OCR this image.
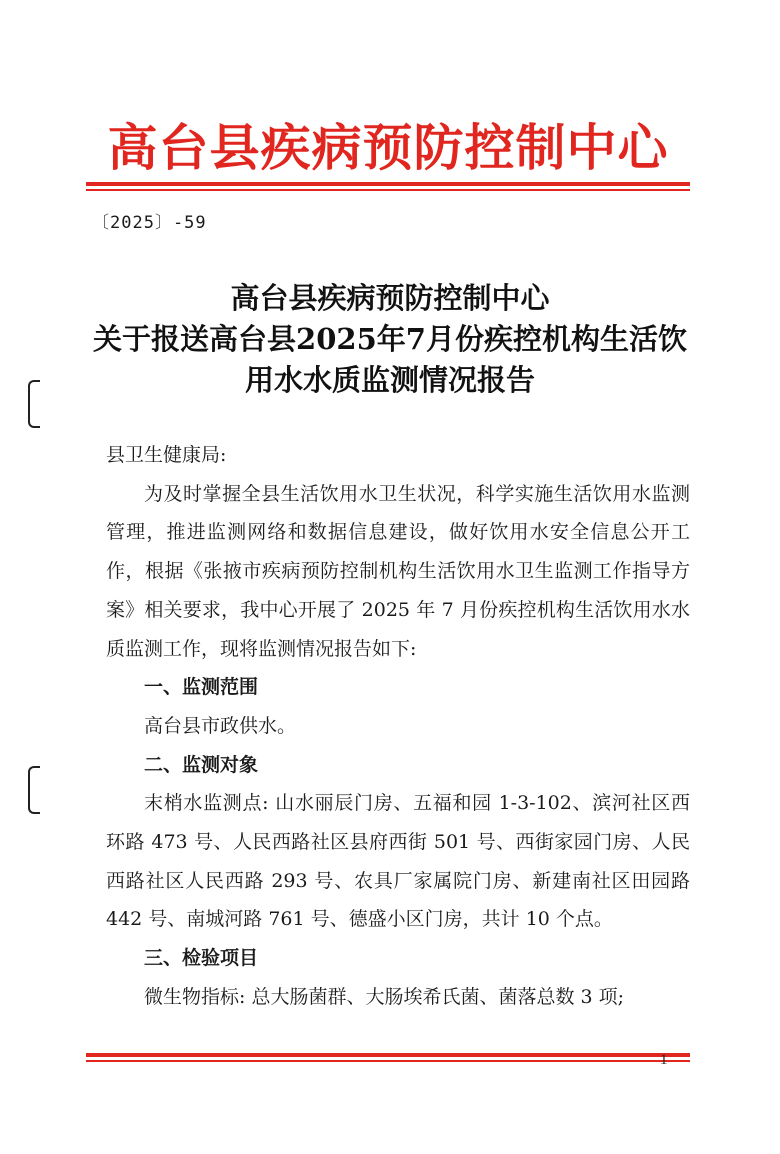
高台县疾病预防控制中心
〔2025〕-59
高台县疾病预防控制中心
关于报送高台县2025年7月份疾控机构生活饮
用水水质监测情况报告

县卫生健康局:

为及时掌握全县生活饮用水卫生状况，科学实施生活饮用水监测管理，推进监测网络和数据信息建设，做好饮用水安全信息公开工作，根据《张掖市疾病预防控制机构生活饮用水卫生监测工作指导方案》相关要求，我中心开展了 2025 年 7 月份疾控机构生活饮用水水质监测工作，现将监测情况报告如下:

一、监测范围

高台县市政供水。

二、监测对象

末梢水监测点: 山水丽辰门房、五福和园 1-3-102、滨河社区西环路 473 号、人民西路社区县府西街 501 号、西街家园门房、人民西路社区人民西路 293 号、农具厂家属院门房、新建南社区田园路 442 号、南城河路 761 号、德盛小区门房，共计 10 个点。

三、检验项目

微生物指标: 总大肠菌群、大肠埃希氏菌、菌落总数 3 项;

1
